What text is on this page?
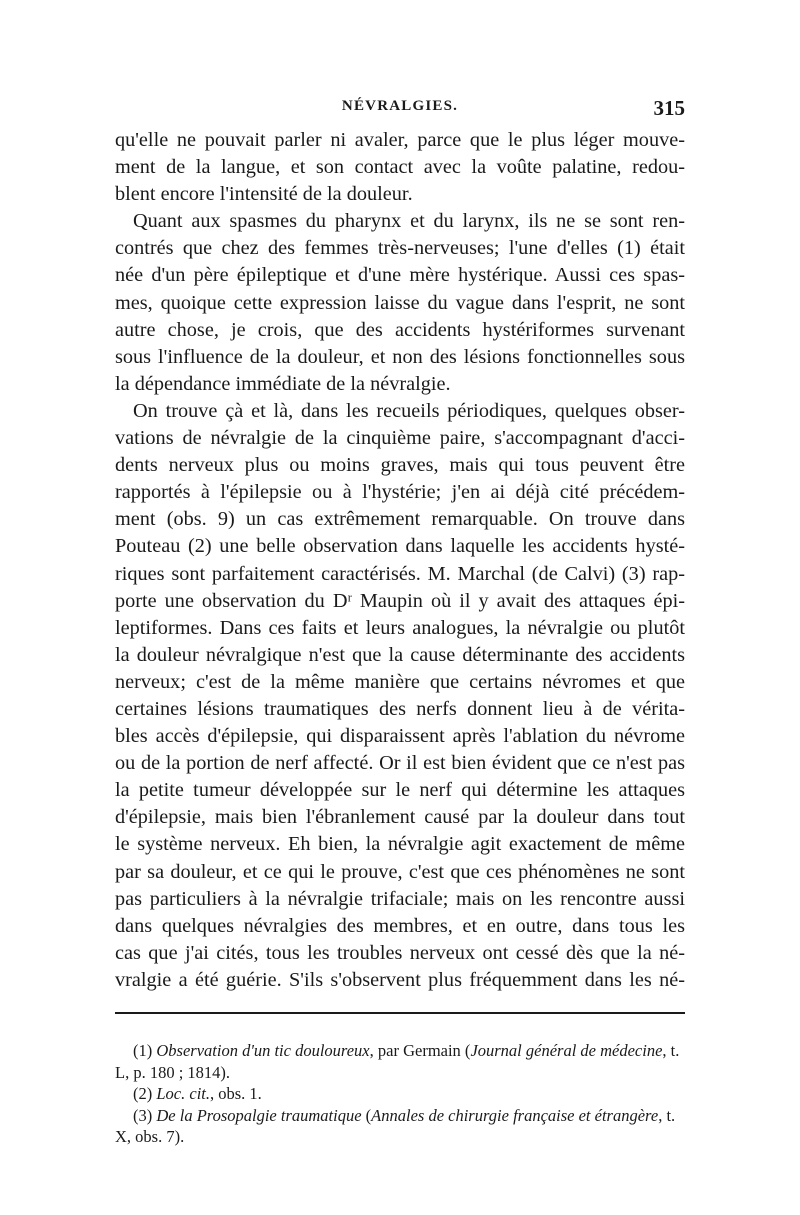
NÉVRALGIES.	315

qu'elle ne pouvait parler ni avaler, parce que le plus léger mouve-
ment de la langue, et son contact avec la voûte palatine, redou-
blent encore l'intensité de la douleur.

Quant aux spasmes du pharynx et du larynx, ils ne se sont ren-
contrés que chez des femmes très-nerveuses; l'une d'elles (1) était
née d'un père épileptique et d'une mère hystérique. Aussi ces spas-
mes, quoique cette expression laisse du vague dans l'esprit, ne sont
autre chose, je crois, que des accidents hystériformes survenant
sous l'influence de la douleur, et non des lésions fonctionnelles sous
la dépendance immédiate de la névralgie.

On trouve çà et là, dans les recueils périodiques, quelques obser-
vations de névralgie de la cinquième paire, s'accompagnant d'acci-
dents nerveux plus ou moins graves, mais qui tous peuvent être
rapportés à l'épilepsie ou à l'hystérie; j'en ai déjà cité précédem-
ment (obs. 9) un cas extrêmement remarquable. On trouve dans
Pouteau (2) une belle observation dans laquelle les accidents hysté-
riques sont parfaitement caractérisés. M. Marchal (de Calvi) (3) rap-
porte une observation du Dʳ Maupin où il y avait des attaques épi-
leptiformes. Dans ces faits et leurs analogues, la névralgie ou plutôt
la douleur névralgique n'est que la cause déterminante des accidents
nerveux; c'est de la même manière que certains névromes et que
certaines lésions traumatiques des nerfs donnent lieu à de vérita-
bles accès d'épilepsie, qui disparaissent après l'ablation du névrome
ou de la portion de nerf affecté. Or il est bien évident que ce n'est pas
la petite tumeur développée sur le nerf qui détermine les attaques
d'épilepsie, mais bien l'ébranlement causé par la douleur dans tout
le système nerveux. Eh bien, la névralgie agit exactement de même
par sa douleur, et ce qui le prouve, c'est que ces phénomènes ne sont
pas particuliers à la névralgie trifaciale; mais on les rencontre aussi
dans quelques névralgies des membres, et en outre, dans tous les
cas que j'ai cités, tous les troubles nerveux ont cessé dès que la né-
vralgie a été guérie. S'ils s'observent plus fréquemment dans les né-

(1) Observation d'un tic douloureux, par Germain (Journal général de médecine, t. L, p. 180 ; 1814).

(2) Loc. cit., obs. 1.

(3) De la Prosopalgie traumatique (Annales de chirurgie française et étrangère, t. X, obs. 7).
